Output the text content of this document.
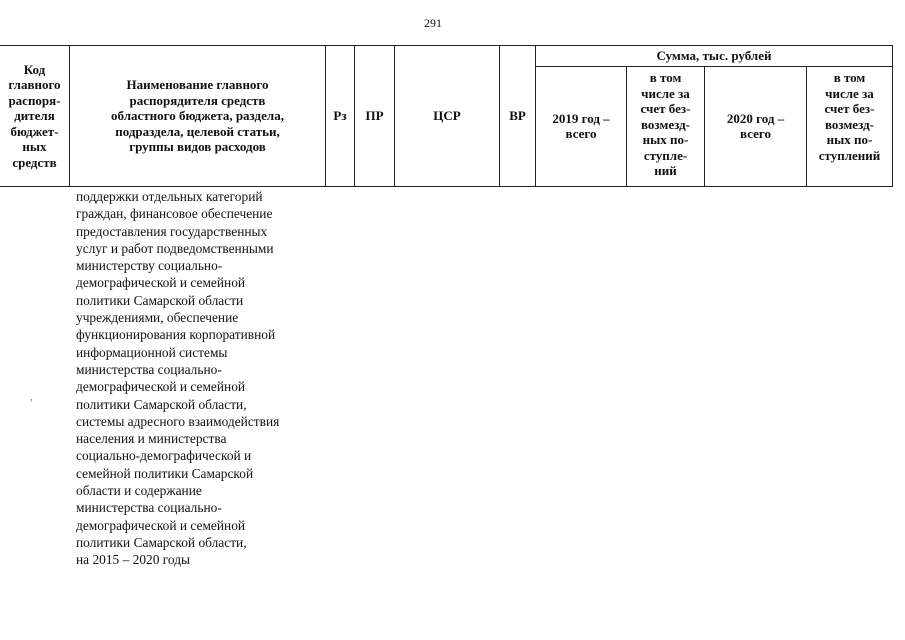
291
Код
главного
распоря-
дителя
бюджет-
ных
средств
Наименование главного
распорядителя средств
областного бюджета, раздела,
подраздела, целевой статьи,
группы видов расходов
Рз ПР	ЦСР	ВР
Сумма, тыс. рублей
2019 год –
всего
в том
числе за
счет без-
возмезд-
ных по-
ступле-
ний
2020 год –
всего
в том
числе за
счет без-
возмезд-
ных по-
ступлений
поддержки отдельных категорий
граждан, финансовое обеспечение
предоставления государственных
услуг и работ подведомственными
министерству социально-
демографической и семейной
политики Самарской области
учреждениями, обеспечение
функционирования корпоративной
информационной системы
министерства социально-
демографической и семейной
политики Самарской области,
системы адресного взаимодействия
населения и министерства
социально-демографической и
семейной политики Самарской
области и содержание
министерства социально-
демографической и семейной
политики Самарской области,
на 2015 – 2020 годы
,
